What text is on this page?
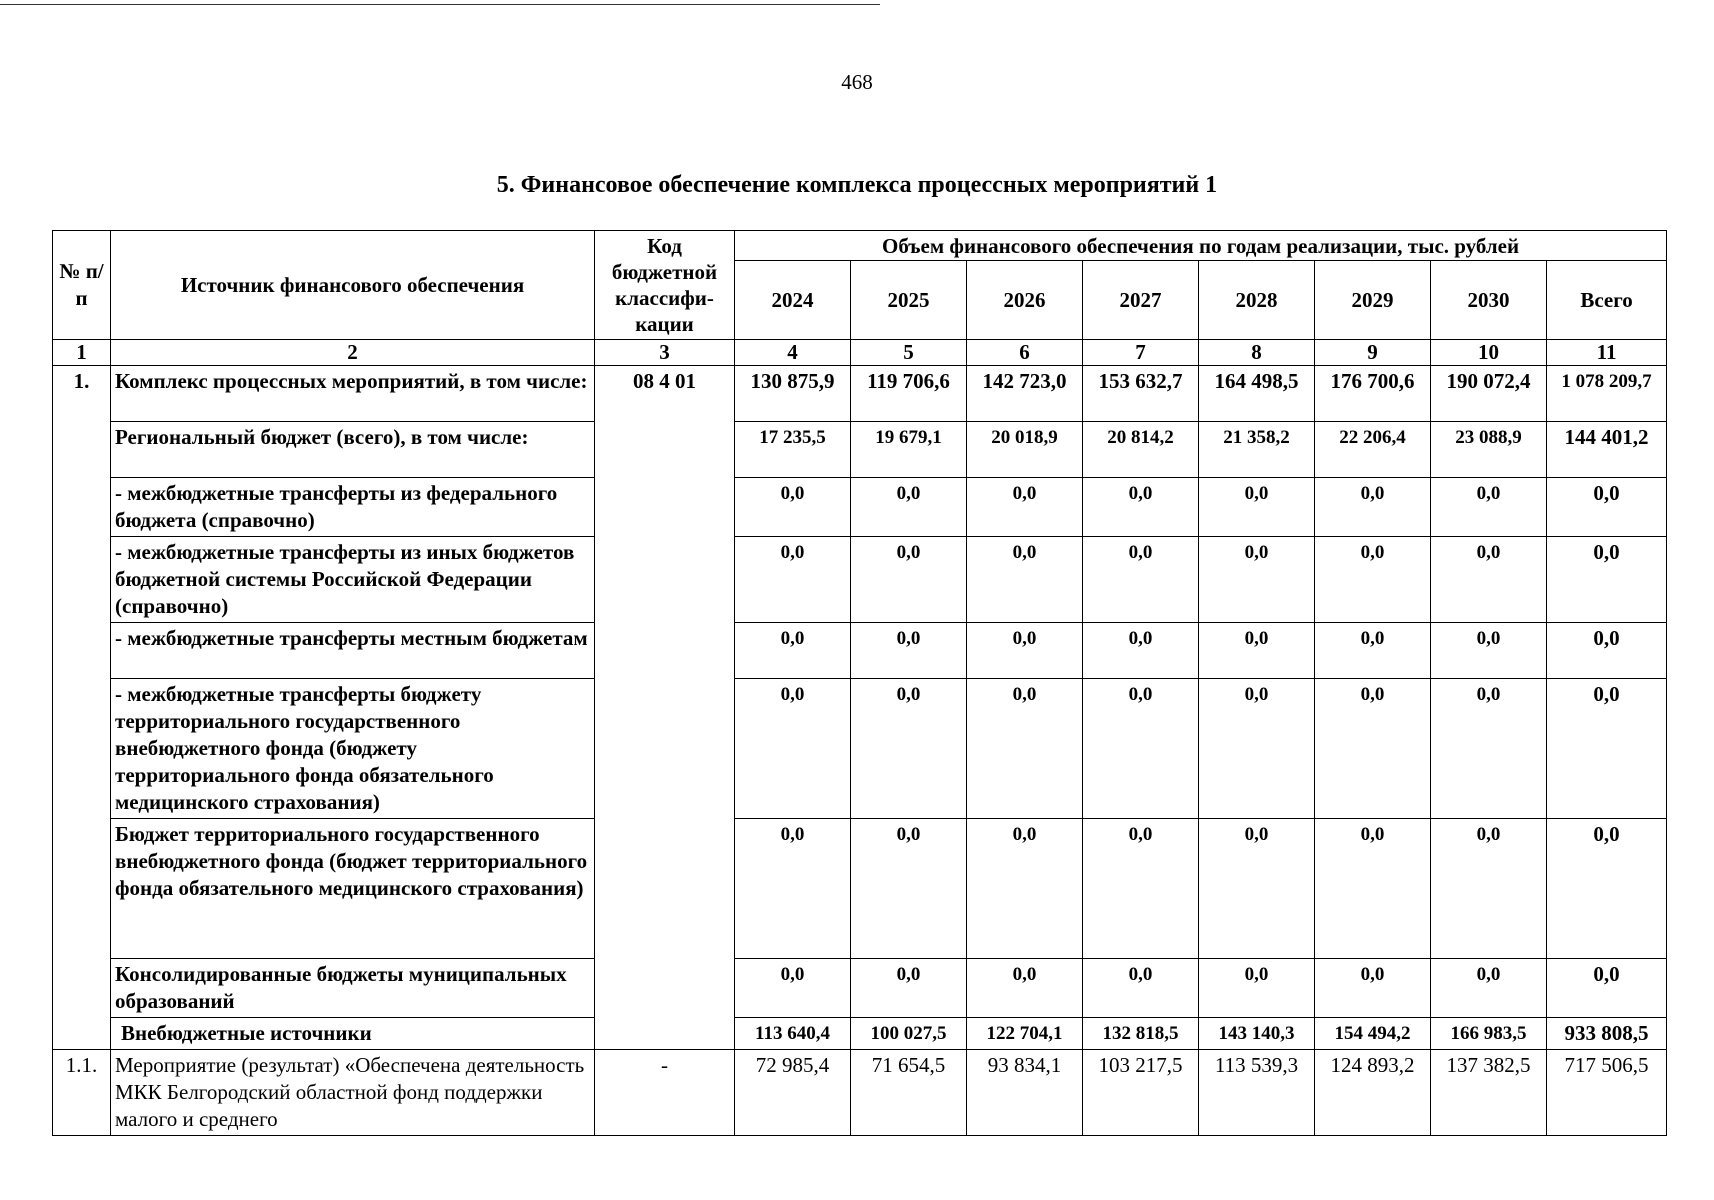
468
5. Финансовое обеспечение комплекса процессных мероприятий 1
№ п/п	Источник финансового обеспечения	Код бюджетной классифи-кации	Объем финансового обеспечения по годам реализации, тыс. рублей							
			2024	2025	2026	2027	2028	2029	2030	Всего
1	2	3	4	5	6	7	8	9	10	11
1.	Комплекс процессных мероприятий, в том числе:	08 4 01	130 875,9	119 706,6	142 723,0	153 632,7	164 498,5	176 700,6	190 072,4	1 078 209,7
	Региональный бюджет (всего), в том числе:		17 235,5	19 679,1	20 018,9	20 814,2	21 358,2	22 206,4	23 088,9	144 401,2
	- межбюджетные трансферты из федерального бюджета (справочно)		0,0	0,0	0,0	0,0	0,0	0,0	0,0	0,0
	- межбюджетные трансферты из иных бюджетов бюджетной системы Российской Федерации (справочно)		0,0	0,0	0,0	0,0	0,0	0,0	0,0	0,0
	- межбюджетные трансферты местным бюджетам		0,0	0,0	0,0	0,0	0,0	0,0	0,0	0,0
	- межбюджетные трансферты бюджету территориального государственного внебюджетного фонда (бюджету территориального фонда обязательного медицинского страхования)		0,0	0,0	0,0	0,0	0,0	0,0	0,0	0,0
	Бюджет территориального государственного внебюджетного фонда (бюджет территориального фонда обязательного медицинского страхования)		0,0	0,0	0,0	0,0	0,0	0,0	0,0	0,0
	Консолидированные бюджеты муниципальных образований		0,0	0,0	0,0	0,0	0,0	0,0	0,0	0,0
	Внебюджетные источники		113 640,4	100 027,5	122 704,1	132 818,5	143 140,3	154 494,2	166 983,5	933 808,5
1.1.	Мероприятие (результат) «Обеспечена деятельность МКК Белгородский областной фонд поддержки малого и среднего	-	72 985,4	71 654,5	93 834,1	103 217,5	113 539,3	124 893,2	137 382,5	717 506,5
